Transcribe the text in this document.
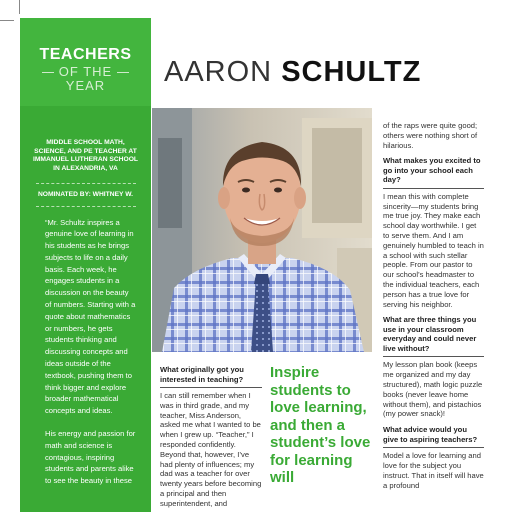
TEACHERS
OF THE
YEAR
MIDDLE SCHOOL MATH, SCIENCE, AND PE TEACHER AT IMMANUEL LUTHERAN SCHOOL IN ALEXANDRIA, VA
NOMINATED BY: WHITNEY W.
“Mr. Schultz inspires a genuine love of learning in his students as he brings subjects to life on a daily basis. Each week, he engages students in a discussion on the beauty of numbers. Starting with a quote about mathematics or numbers, he gets students thinking and discussing concepts and ideas outside of the textbook, pushing them to think bigger and explore broader mathematical concepts and ideas.
His energy and passion for math and science is contagious, inspiring students and parents alike to see the beauty in these
AARON SCHULTZ
What originally got you interested in teaching?
I can still remember when I was in third grade, and my teacher, Miss Anderson, asked me what I wanted to be when I grew up. “Teacher,” I responded confidently. Beyond that, however, I’ve had plenty of influences; my dad was a teacher for over twenty years before becoming a principal and then superintendent, and
Inspire students to love learning, and then a student’s love for learning will
of the raps were quite good; others were nothing short of hilarious.
What makes you excited to go into your school each day?
I mean this with complete sincerity—my students bring me true joy. They make each school day worthwhile. I get to serve them. And I am genuinely humbled to teach in a school with such stellar people. From our pastor to our school’s headmaster to the individual teachers, each person has a true love for serving his neighbor.
What are three things you use in your classroom everyday and could never live without?
My lesson plan book (keeps me organized and my day structured), math logic puzzle books (never leave home without them), and pistachios (my power snack)!
What advice would you give to aspiring teachers?
Model a love for learning and love for the subject you instruct. That in itself will have a profound
